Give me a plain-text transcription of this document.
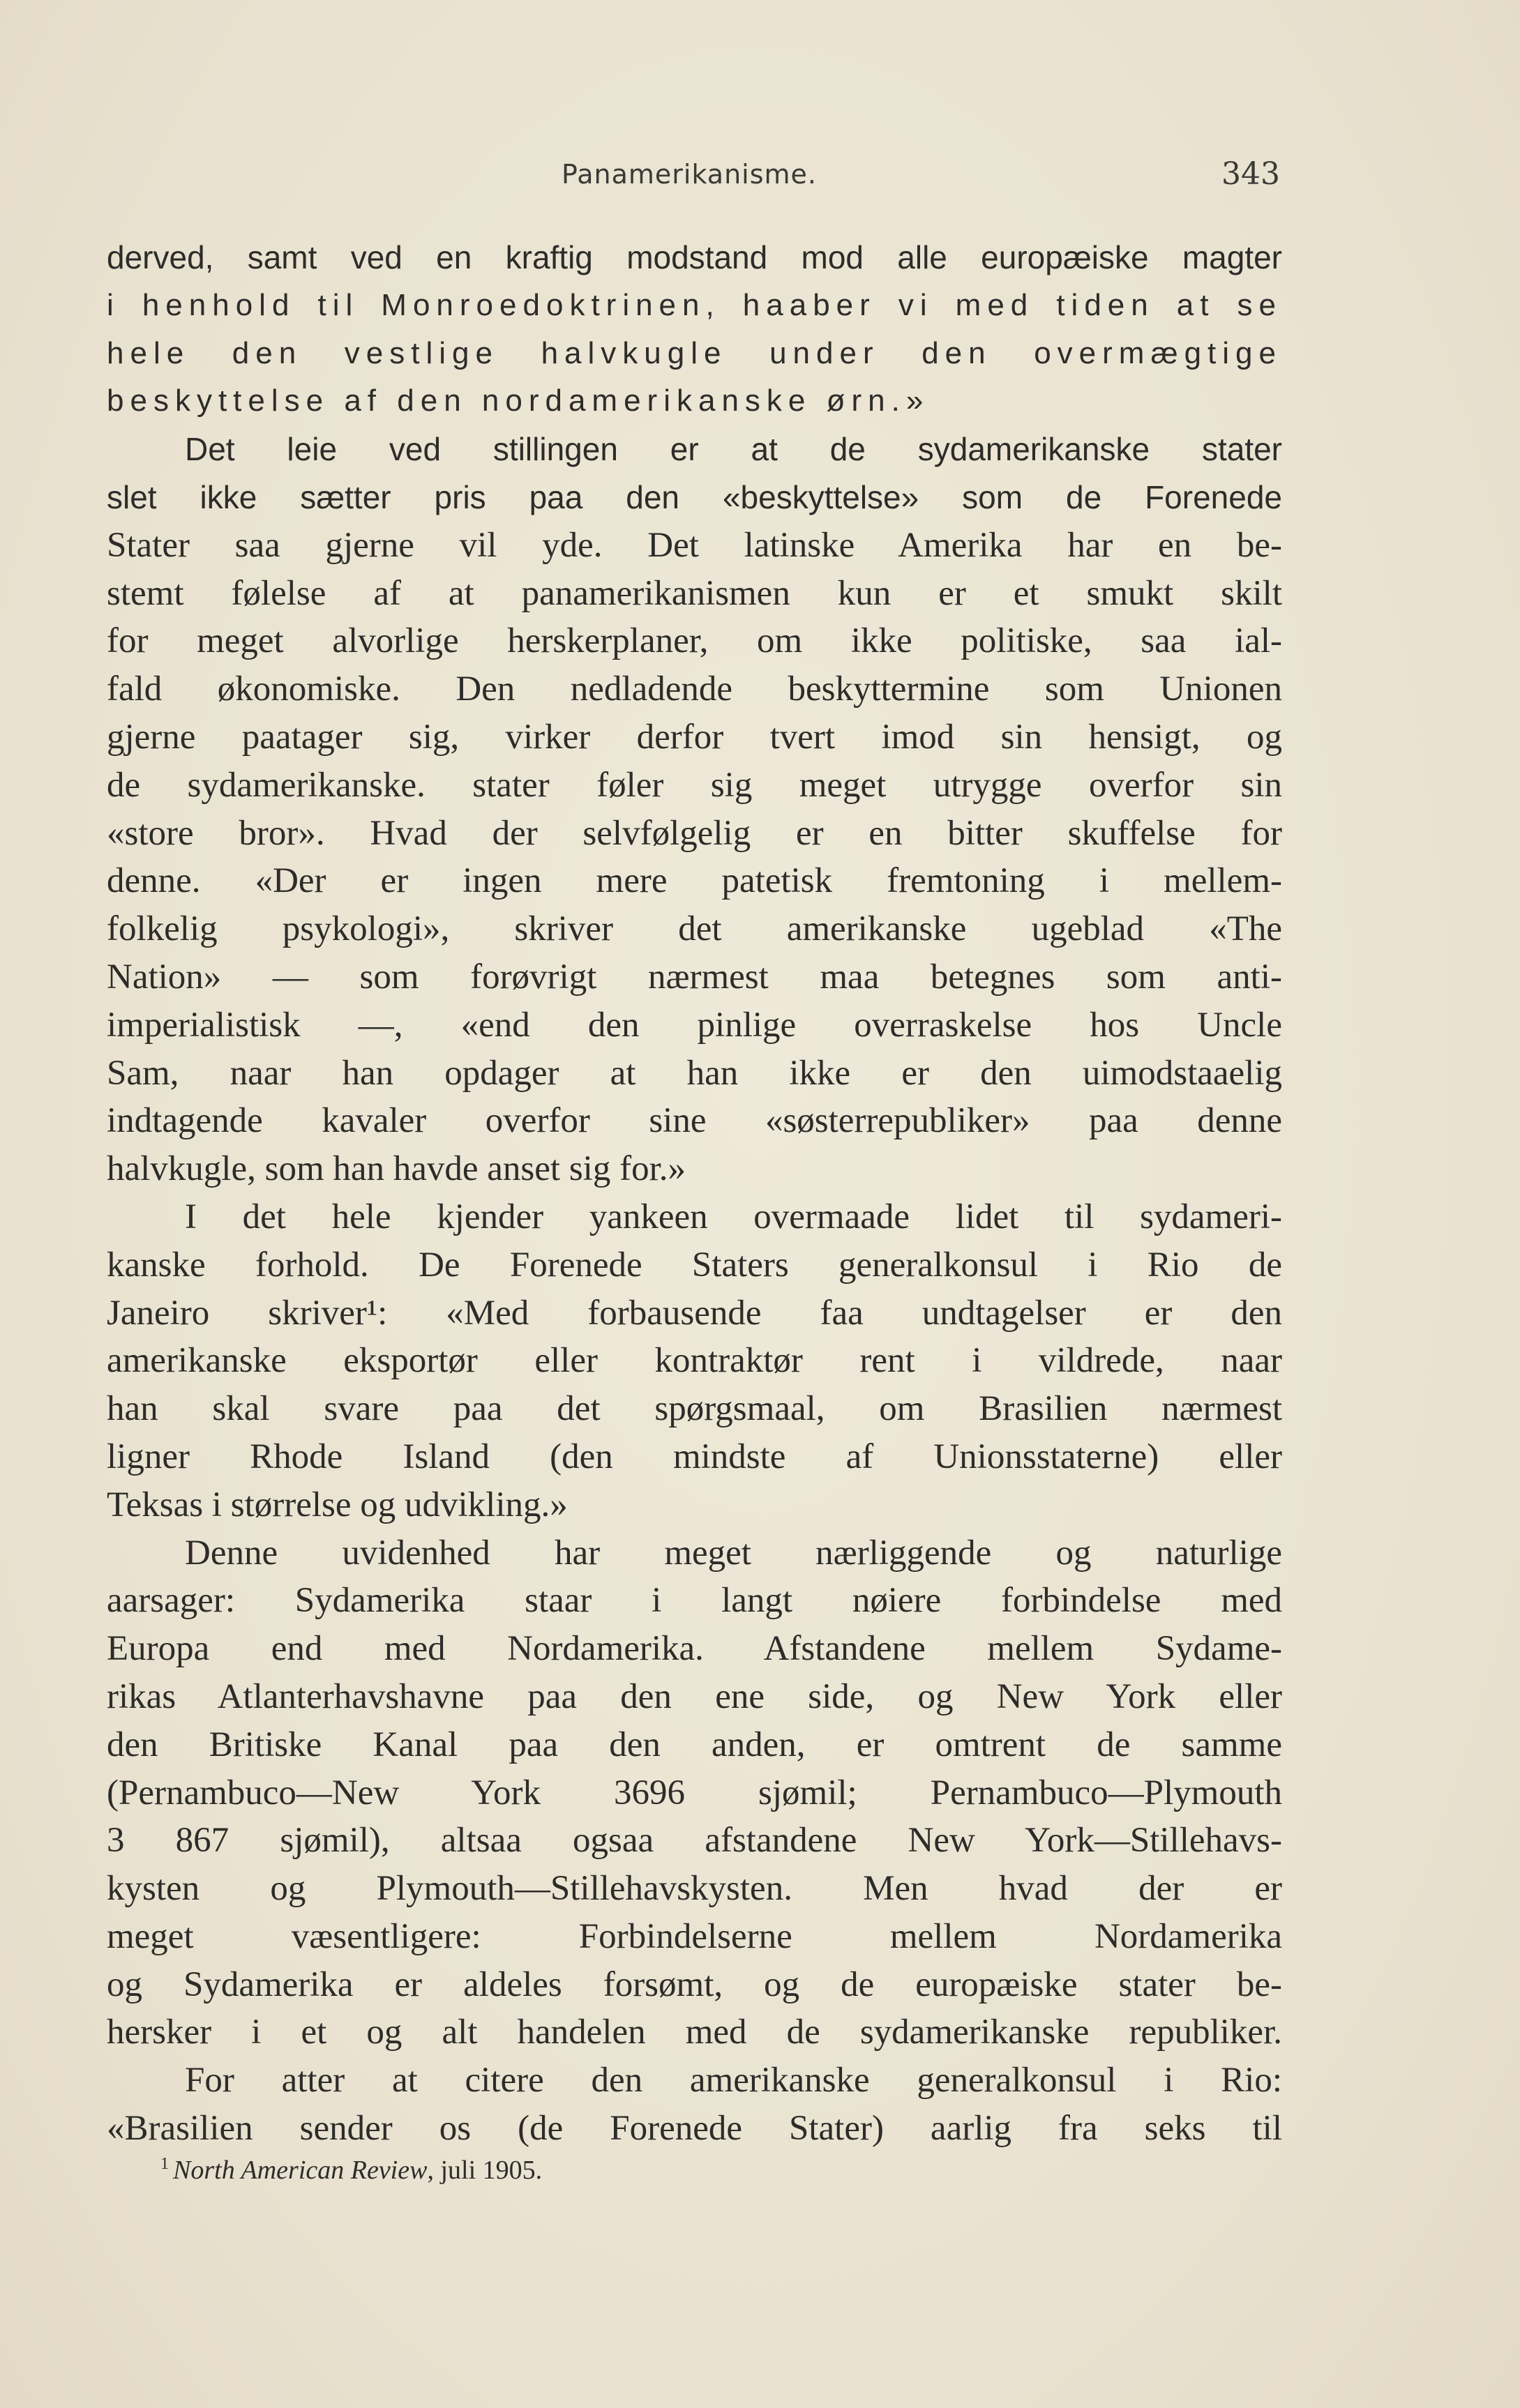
Panamerikanisme.	343
derved, samt ved en kraftig modstand mod alle europæiske magter
i henhold til Monroedoktrinen, haaber vi med tiden at se
hele den vestlige halvkugle under den overmægtige
beskyttelse af den nordamerikanske ørn.»
Det leie ved stillingen er at de sydamerikanske stater
slet ikke sætter pris paa den «beskyttelse» som de Forenede
Stater saa gjerne vil yde. Det latinske Amerika har en be-
stemt følelse af at panamerikanismen kun er et smukt skilt
for meget alvorlige herskerplaner, om ikke politiske, saa ial-
fald økonomiske. Den nedladende beskyttermine som Unionen
gjerne paatager sig, virker derfor tvert imod sin hensigt, og
de sydamerikanske. stater føler sig meget utrygge overfor sin
«store bror». Hvad der selvfølgelig er en bitter skuffelse for
denne. «Der er ingen mere patetisk fremtoning i mellem-
folkelig psykologi», skriver det amerikanske ugeblad «The
Nation» — som forøvrigt nærmest maa betegnes som anti-
imperialistisk —, «end den pinlige overraskelse hos Uncle
Sam, naar han opdager at han ikke er den uimodstaaelig
indtagende kavaler overfor sine «søsterrepubliker» paa denne
halvkugle, som han havde anset sig for.»
I det hele kjender yankeen overmaade lidet til sydameri-
kanske forhold. De Forenede Staters generalkonsul i Rio de
Janeiro skriver¹: «Med forbausende faa undtagelser er den
amerikanske eksportør eller kontraktør rent i vildrede, naar
han skal svare paa det spørgsmaal, om Brasilien nærmest
ligner Rhode Island (den mindste af Unionsstaterne) eller
Teksas i størrelse og udvikling.»
Denne uvidenhed har meget nærliggende og naturlige
aarsager: Sydamerika staar i langt nøiere forbindelse med
Europa end med Nordamerika. Afstandene mellem Sydame-
rikas Atlanterhavshavne paa den ene side, og New York eller
den Britiske Kanal paa den anden, er omtrent de samme
(Pernambuco—New York 3696 sjømil; Pernambuco—Plymouth
3 867 sjømil), altsaa ogsaa afstandene New York—Stillehavs-
kysten og Plymouth—Stillehavskysten. Men hvad der er
meget væsentligere: Forbindelserne mellem Nordamerika
og Sydamerika er aldeles forsømt, og de europæiske stater be-
hersker i et og alt handelen med de sydamerikanske republiker.
For atter at citere den amerikanske generalkonsul i Rio:
«Brasilien sender os (de Forenede Stater) aarlig fra seks til
$^1$ North American Review, juli 1905.
